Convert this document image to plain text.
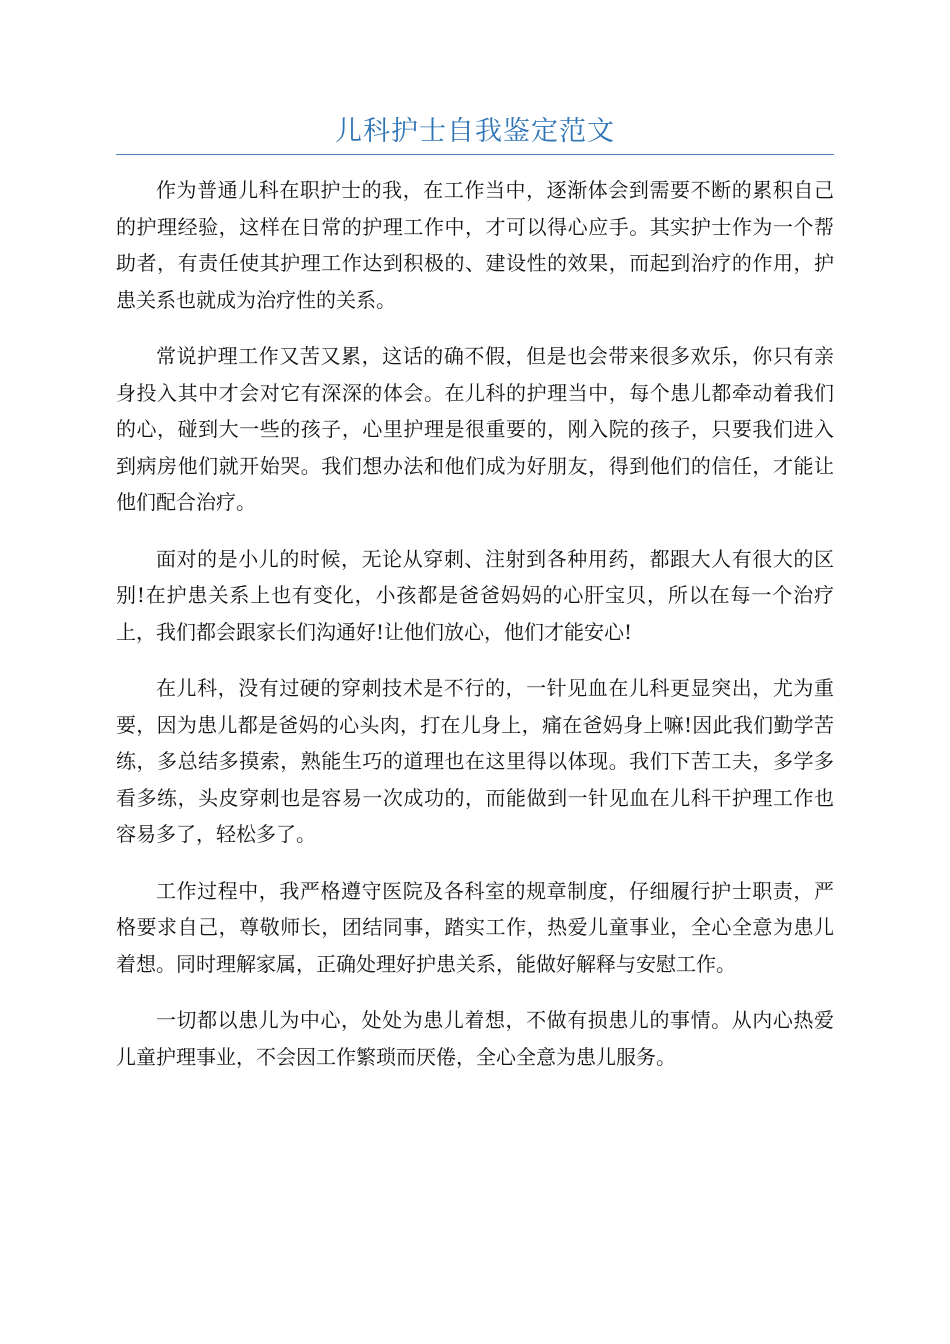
儿科护士自我鉴定范文

作为普通儿科在职护士的我，在工作当中，逐渐体会到需要不断的累积自己的护理经验，这样在日常的护理工作中，才可以得心应手。其实护士作为一个帮助者，有责任使其护理工作达到积极的、建设性的效果，而起到治疗的作用，护患关系也就成为治疗性的关系。

常说护理工作又苦又累，这话的确不假，但是也会带来很多欢乐，你只有亲身投入其中才会对它有深深的体会。在儿科的护理当中，每个患儿都牵动着我们的心，碰到大一些的孩子，心里护理是很重要的，刚入院的孩子，只要我们进入到病房他们就开始哭。我们想办法和他们成为好朋友，得到他们的信任，才能让他们配合治疗。

面对的是小儿的时候，无论从穿刺、注射到各种用药，都跟大人有很大的区别!在护患关系上也有变化，小孩都是爸爸妈妈的心肝宝贝，所以在每一个治疗上，我们都会跟家长们沟通好!让他们放心，他们才能安心!

在儿科，没有过硬的穿刺技术是不行的，一针见血在儿科更显突出，尤为重要，因为患儿都是爸妈的心头肉，打在儿身上，痛在爸妈身上嘛!因此我们勤学苦练，多总结多摸索，熟能生巧的道理也在这里得以体现。我们下苦工夫，多学多看多练，头皮穿刺也是容易一次成功的，而能做到一针见血在儿科干护理工作也容易多了，轻松多了。

工作过程中，我严格遵守医院及各科室的规章制度，仔细履行护士职责，严格要求自己，尊敬师长，团结同事，踏实工作，热爱儿童事业，全心全意为患儿着想。同时理解家属，正确处理好护患关系，能做好解释与安慰工作。

一切都以患儿为中心，处处为患儿着想，不做有损患儿的事情。从内心热爱儿童护理事业，不会因工作繁琐而厌倦，全心全意为患儿服务。
